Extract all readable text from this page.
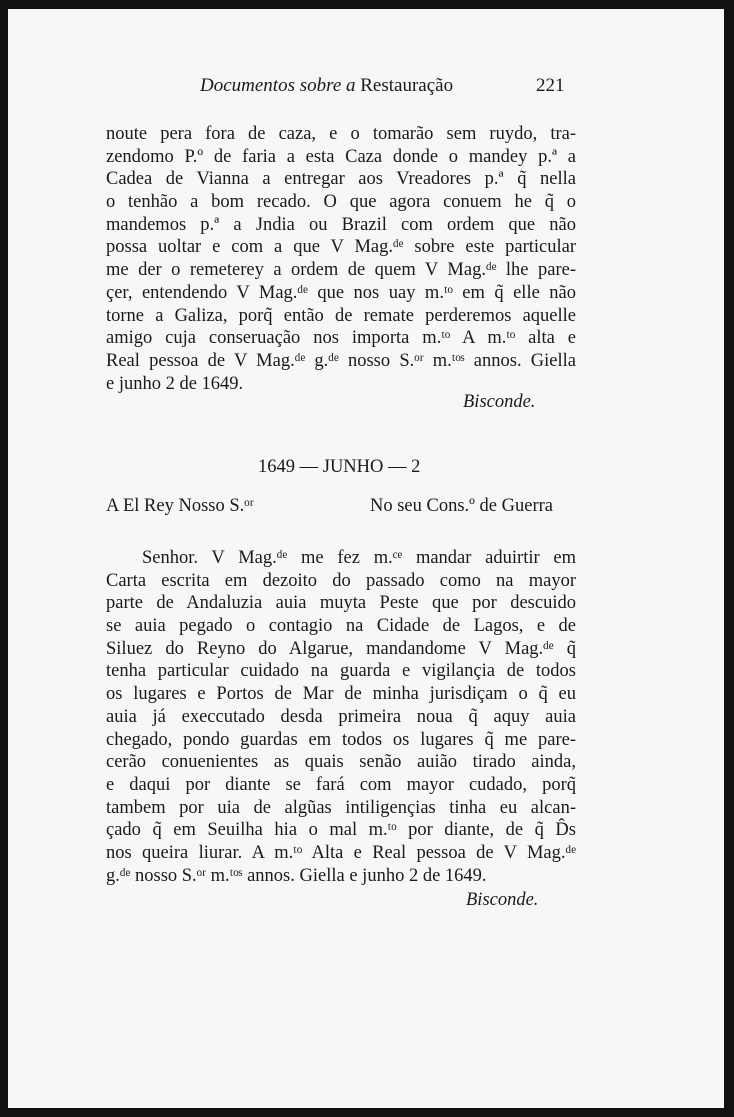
Documentos sobre a Restauração	221
noute pera fora de caza, e o tomarão sem ruydo, tra-
zendomo P.º de faria a esta Caza donde o mandey p.ª a
Cadea de Vianna a entregar aos Vreadores p.ª q̃ nella
o tenhão a bom recado. O que agora conuem he q̃ o
mandemos p.ª a Jndia ou Brazil com ordem que não
possa uoltar e com a que V Mag.ᵈᵉ sobre este particular
me der o remeterey a ordem de quem V Mag.ᵈᵉ lhe pare-
çer, entendendo V Mag.ᵈᵉ que nos uay m.ᵗᵒ em q̃ elle não
torne a Galiza, porq̃ então de remate perderemos aquelle
amigo cuja conseruação nos importa m.ᵗᵒ A m.ᵗᵒ alta e
Real pessoa de V Mag.ᵈᵉ g.ᵈᵉ nosso S.ᵒʳ m.ᵗᵒˢ annos. Giella
e junho 2 de 1649.
Bisconde.
1649 — JUNHO — 2
A El Rey Nosso S.ᵒʳ	No seu Cons.º de Guerra
Senhor. V Mag.ᵈᵉ me fez m.ᶜᵉ mandar aduirtir em
Carta escrita em dezoito do passado como na mayor
parte de Andaluzia auia muyta Peste que por descuido
se auia pegado o contagio na Cidade de Lagos, e de
Siluez do Reyno do Algarue, mandandome V Mag.ᵈᵉ q̃
tenha particular cuidado na guarda e vigilançia de todos
os lugares e Portos de Mar de minha jurisdiçam o q̃ eu
auia já execcutado desda primeira noua q̃ aquy auia
chegado, pondo guardas em todos os lugares q̃ me pare-
cerão conuenientes as quais senão auião tirado ainda,
e daqui por diante se fará com mayor cudado, porq̃
tambem por uia de algũas intiligençias tinha eu alcan-
çado q̃ em Seuilha hia o mal m.ᵗᵒ por diante, de q̃ D̂s
nos queira liurar. A m.ᵗᵒ Alta e Real pessoa de V Mag.ᵈᵉ
g.ᵈᵉ nosso S.ᵒʳ m.ᵗᵒˢ annos. Giella e junho 2 de 1649.
Bisconde.
